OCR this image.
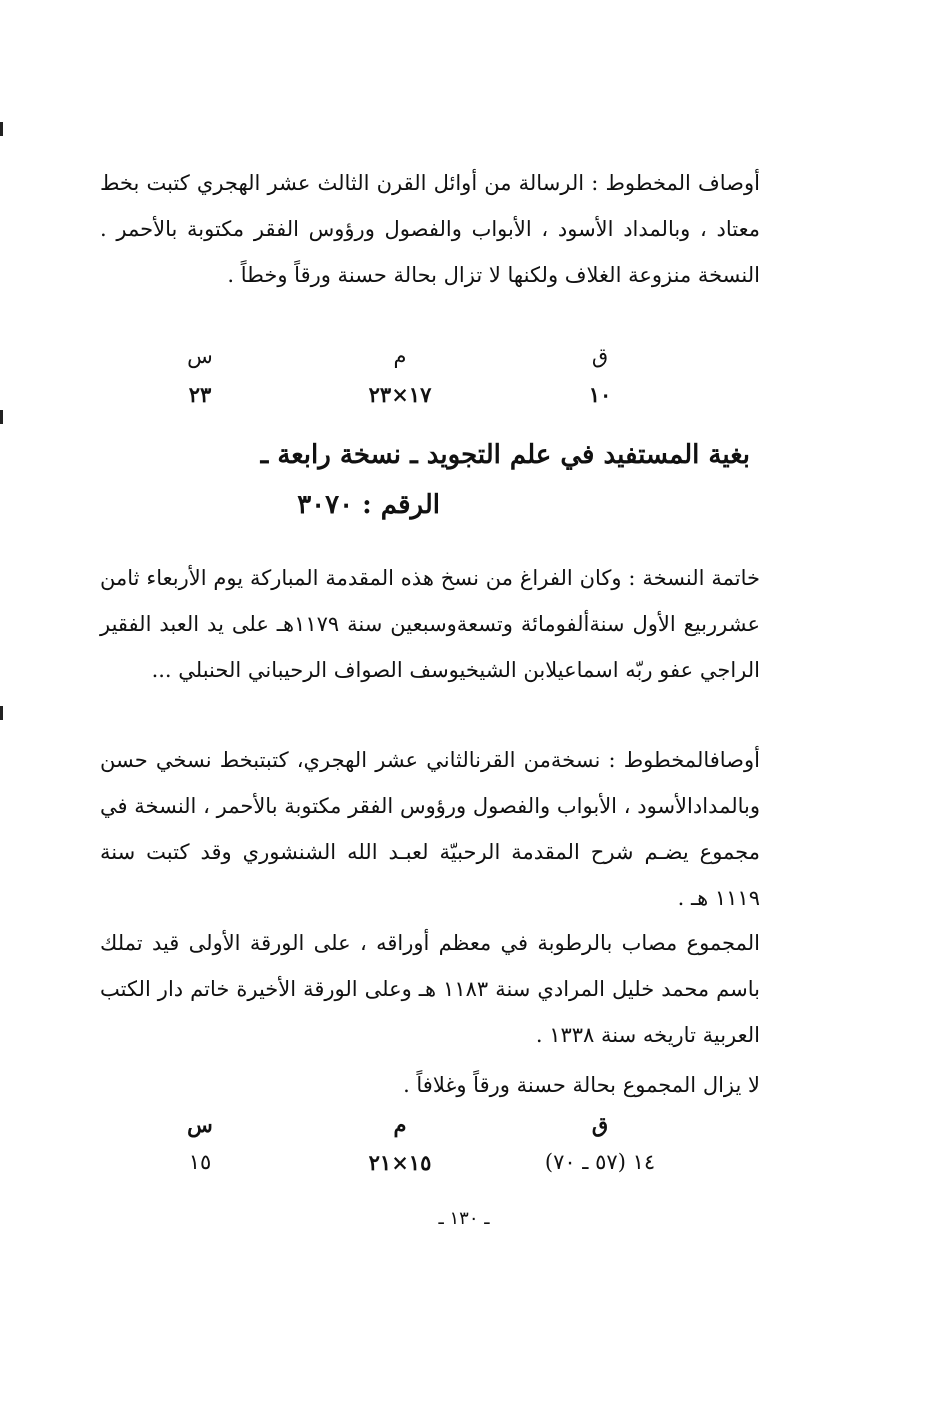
أوصاف المخطوط : الرسالة من أوائل القرن الثالث عشر الهجري كتبت بخط معتاد ، وبالمداد الأسود ، الأبواب والفصول ورؤوس الفقر مكتوبة بالأحمر . النسخة منزوعة الغلاف ولكنها لا تزال بحالة حسنة ورقاً وخطاً .

ق
م
س
١٠
١٧×٢٣
٢٣
بغية المستفيد في علم التجويد ـ نسخة رابعة ـ
الرقم : ٣٠٧٠

خاتمة النسخة : وكان الفراغ من نسخ هذه المقدمة المباركة يوم الأربعاء ثامن عشرربيع الأول سنةألفومائة وتسعةوسبعين سنة ١١٧٩هـ على يد العبد الفقير الراجي عفو ربّه اسماعيلابن الشيخيوسف الصواف الرحيباني الحنبلي ...

أوصافالمخطوط : نسخةمن القرنالثاني عشر الهجري، كتبتبخط نسخي حسن وبالمدادالأسود ، الأبواب والفصول ورؤوس الفقر مكتوبة بالأحمر ، النسخة في مجموع يضـم شرح المقدمة الرحبيّة لعبـد الله الشنشوري وقد كتبت سنة ١١١٩ هـ .

المجموع مصاب بالرطوبة في معظم أوراقه ، على الورقة الأولى قيد تملك باسم محمد خليل المرادي سنة ١١٨٣ هـ وعلى الورقة الأخيرة خاتم دار الكتب العربية تاريخه سنة ١٣٣٨ .

لا يزال المجموع بحالة حسنة ورقاً وغلافاً .

ق
م
س
١٤ (٥٧ ـ ٧٠)
١٥×٢١
١٥
ـ ١٣٠ ـ
